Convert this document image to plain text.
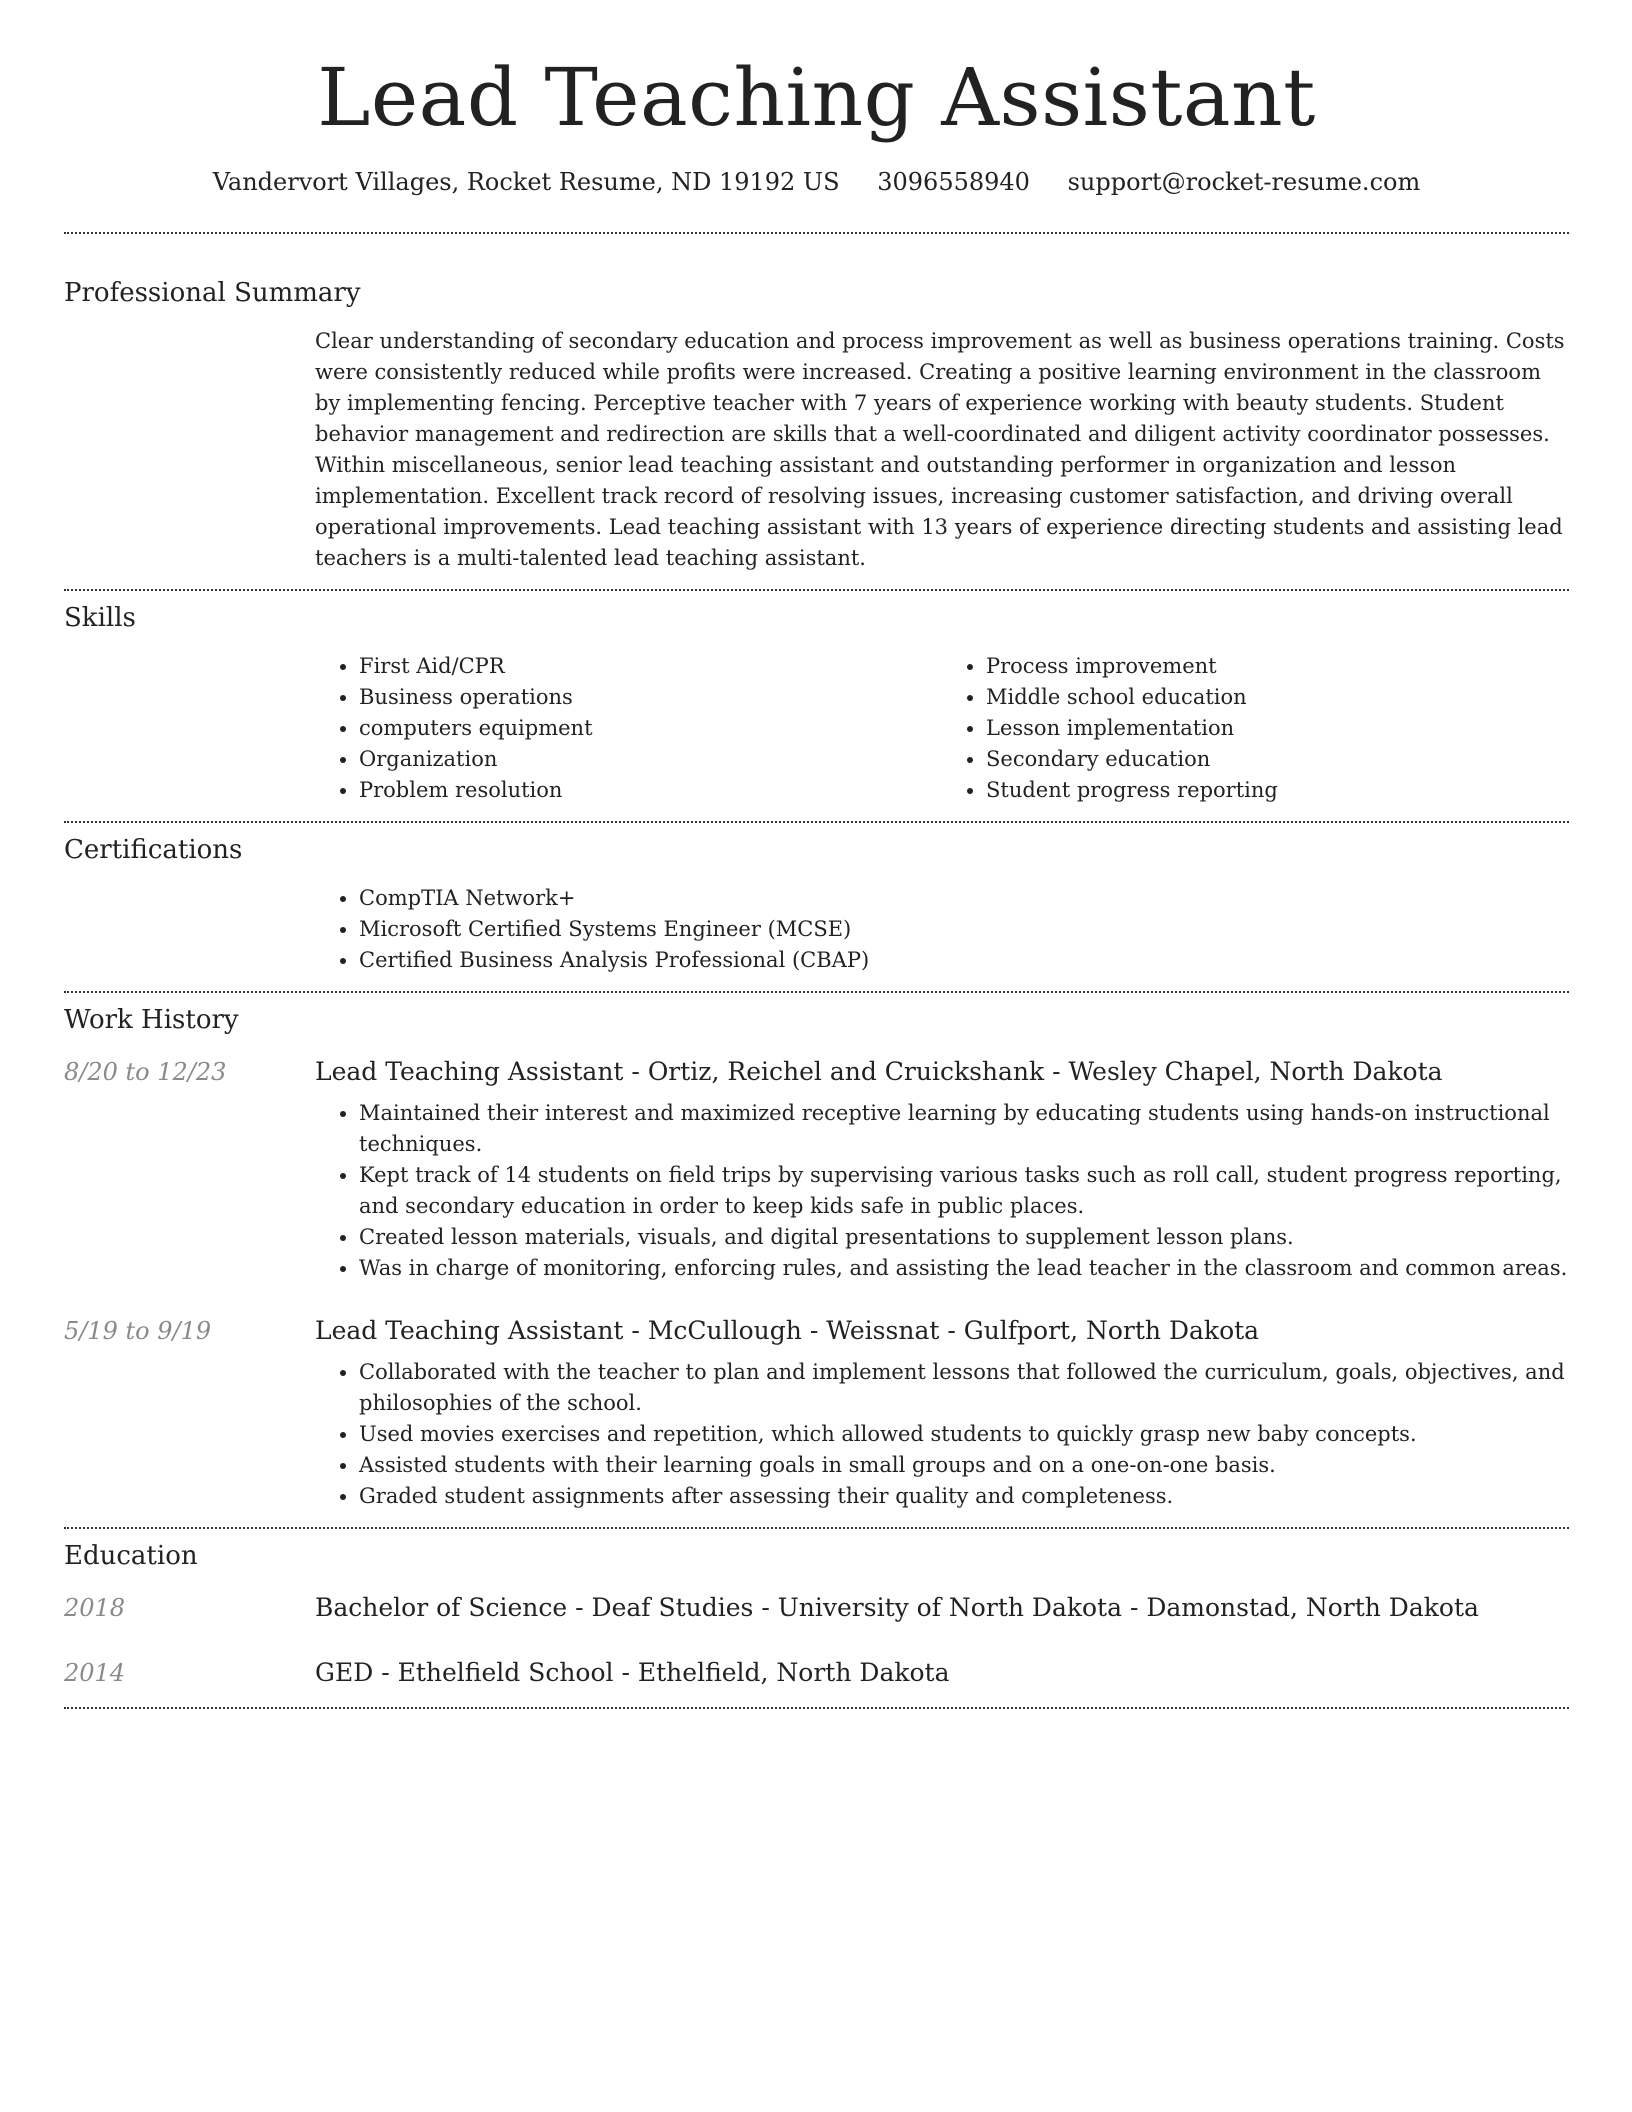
Lead Teaching Assistant
Vandervort Villages, Rocket Resume, ND 19192 US 3096558940 support@rocket-resume.com
Professional Summary
Clear understanding of secondary education and process improvement as well as business operations training. Costs were consistently reduced while profits were increased. Creating a positive learning environment in the classroom by implementing fencing. Perceptive teacher with 7 years of experience working with beauty students. Student behavior management and redirection are skills that a well-coordinated and diligent activity coordinator possesses. Within miscellaneous, senior lead teaching assistant and outstanding performer in organization and lesson implementation. Excellent track record of resolving issues, increasing customer satisfaction, and driving overall operational improvements. Lead teaching assistant with 13 years of experience directing students and assisting lead teachers is a multi-talented lead teaching assistant.
Skills
• First Aid/CPR
• Business operations
• computers equipment
• Organization
• Problem resolution
• Process improvement
• Middle school education
• Lesson implementation
• Secondary education
• Student progress reporting
Certifications
• CompTIA Network+
• Microsoft Certified Systems Engineer (MCSE)
• Certified Business Analysis Professional (CBAP)
Work History
8/20 to 12/23	Lead Teaching Assistant - Ortiz, Reichel and Cruickshank - Wesley Chapel, North Dakota
• Maintained their interest and maximized receptive learning by educating students using hands-on instructional techniques.
• Kept track of 14 students on field trips by supervising various tasks such as roll call, student progress reporting, and secondary education in order to keep kids safe in public places.
• Created lesson materials, visuals, and digital presentations to supplement lesson plans.
• Was in charge of monitoring, enforcing rules, and assisting the lead teacher in the classroom and common areas.
5/19 to 9/19	Lead Teaching Assistant - McCullough - Weissnat - Gulfport, North Dakota
• Collaborated with the teacher to plan and implement lessons that followed the curriculum, goals, objectives, and philosophies of the school.
• Used movies exercises and repetition, which allowed students to quickly grasp new baby concepts.
• Assisted students with their learning goals in small groups and on a one-on-one basis.
• Graded student assignments after assessing their quality and completeness.
Education
2018	Bachelor of Science - Deaf Studies - University of North Dakota - Damonstad, North Dakota
2014	GED - Ethelfield School - Ethelfield, North Dakota
